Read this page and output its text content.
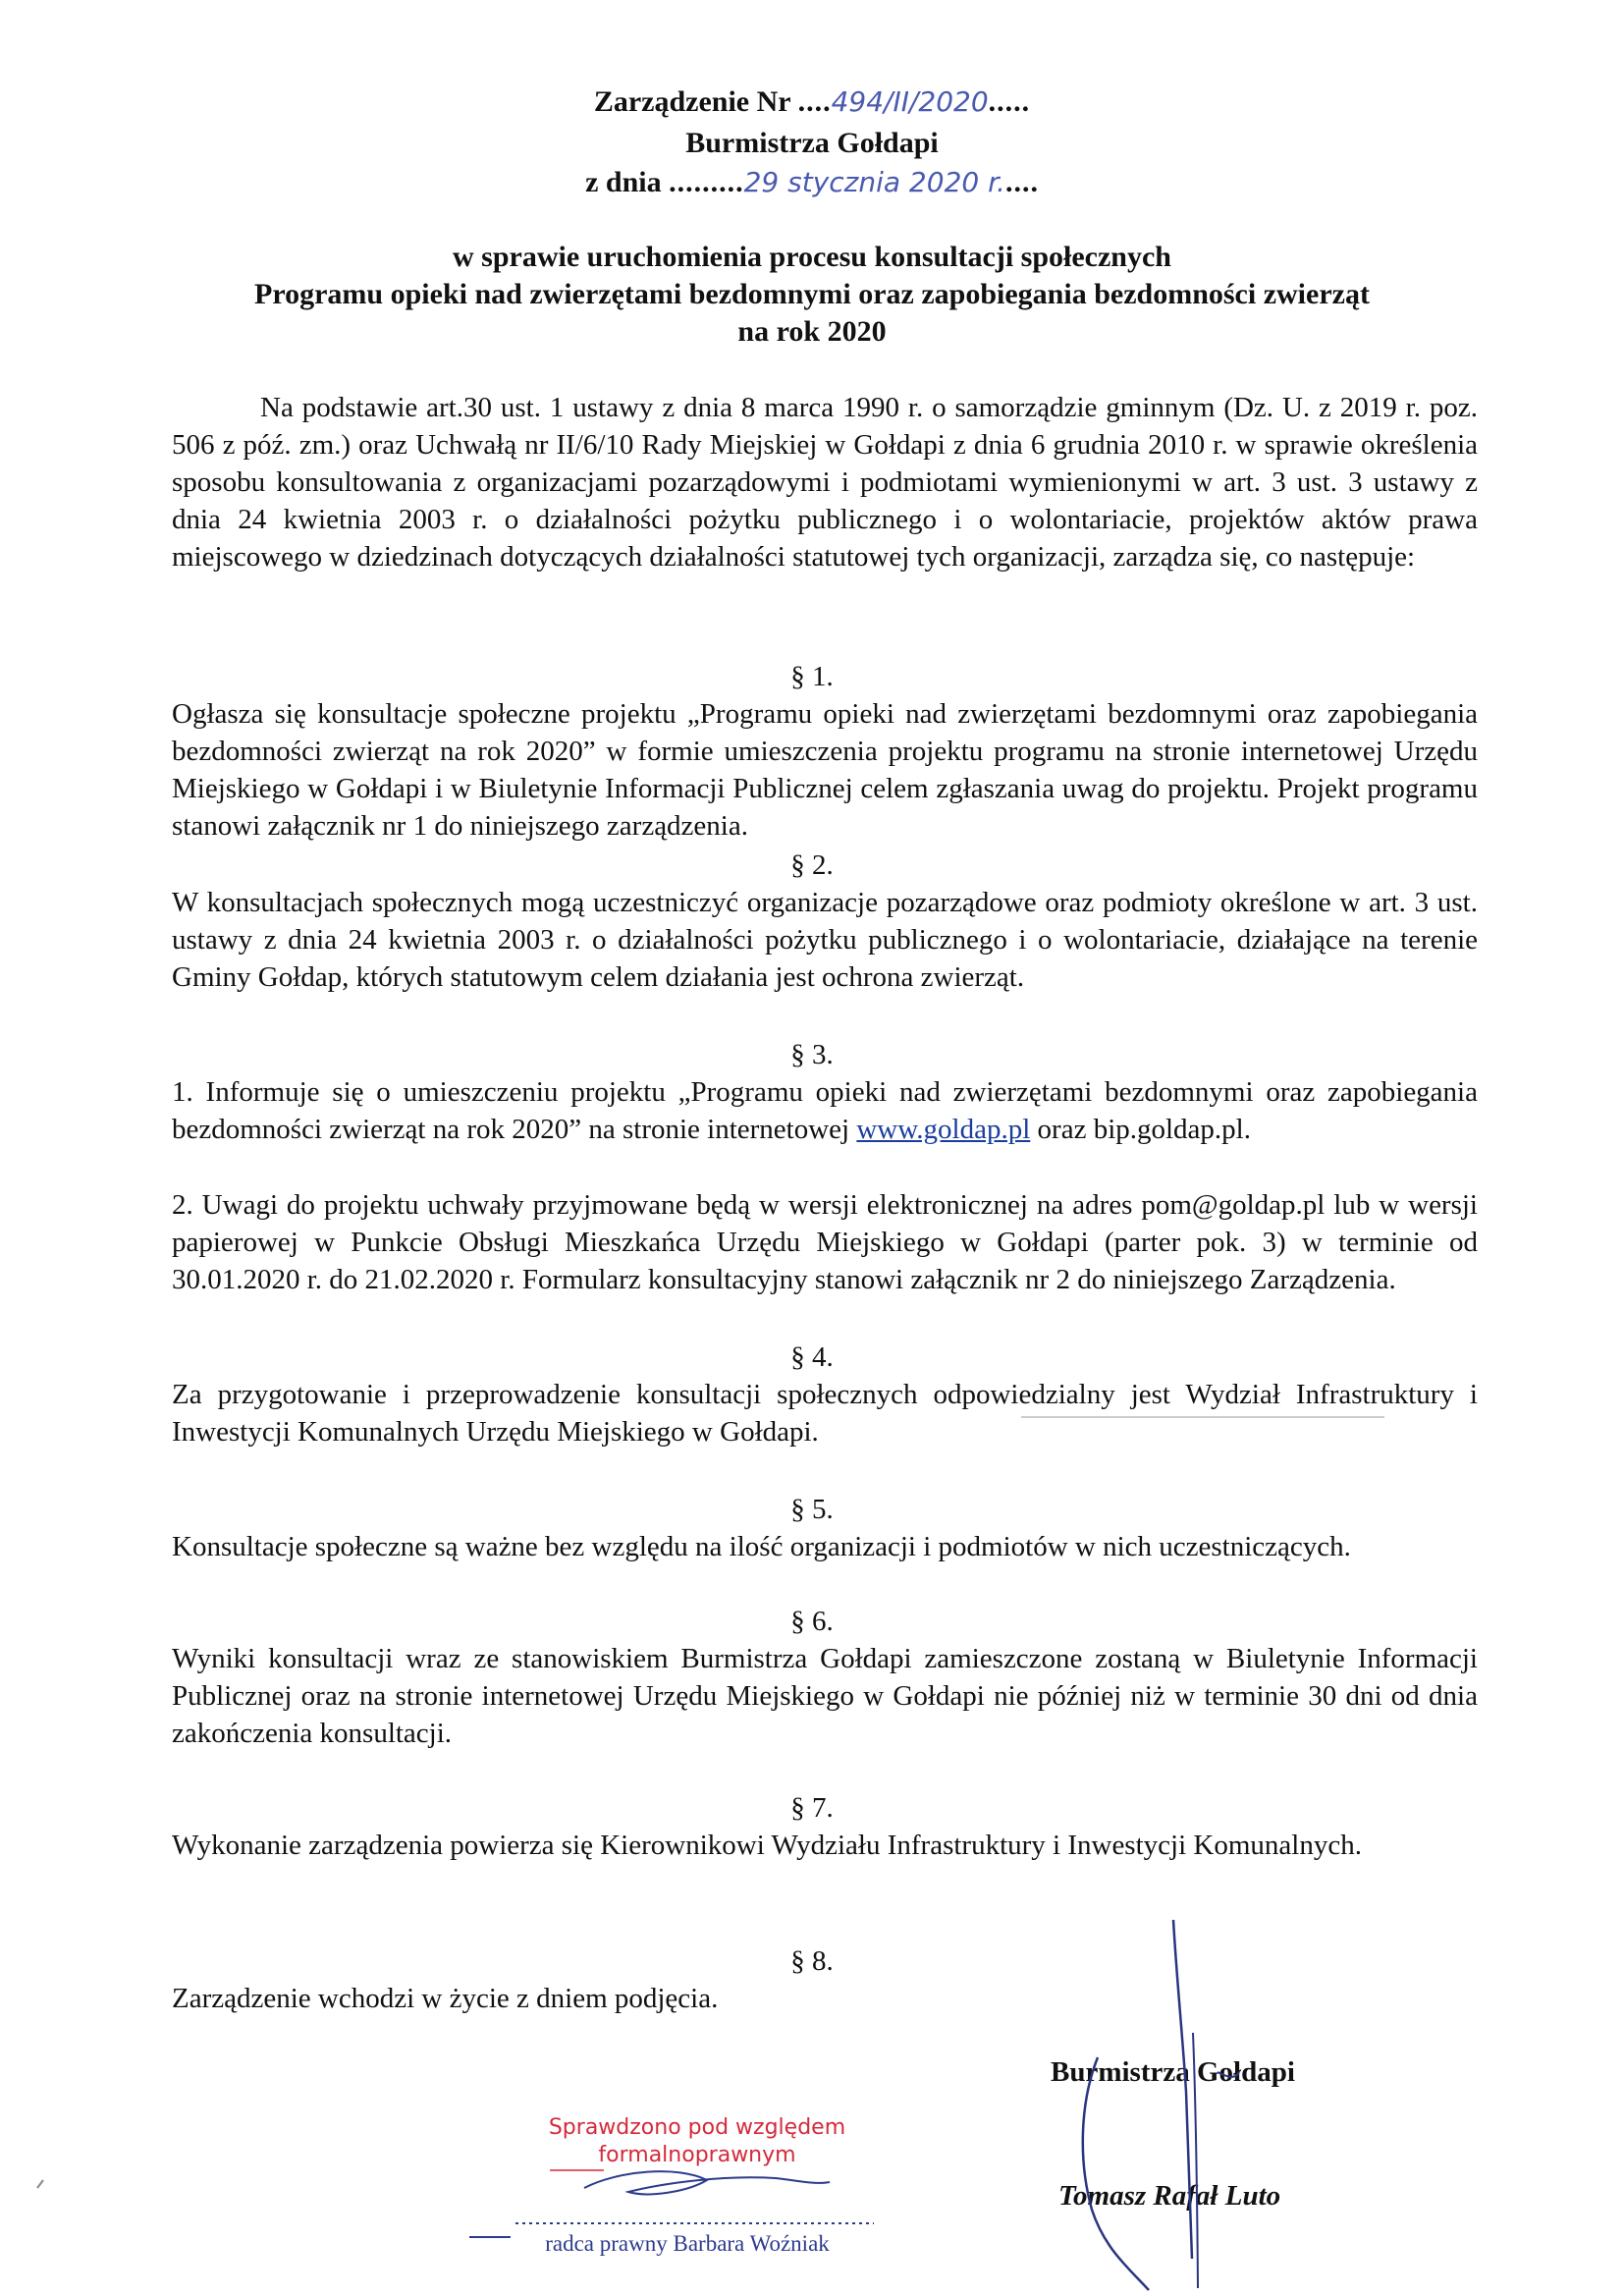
Zarządzenie Nr ....494/II/2020.....
Burmistrza Gołdapi
z dnia .........29 stycznia 2020 r.....
w sprawie uruchomienia procesu konsultacji społecznych
Programu opieki nad zwierzętami bezdomnymi oraz zapobiegania bezdomności zwierząt
na rok 2020
Na podstawie art.30 ust. 1 ustawy z dnia 8 marca 1990 r. o samorządzie gminnym (Dz. U. z 2019 r. poz. 506 z póź. zm.) oraz Uchwałą nr II/6/10 Rady Miejskiej w Gołdapi z dnia 6 grudnia 2010 r. w sprawie określenia sposobu konsultowania z organizacjami pozarządowymi i podmiotami wymienionymi w art. 3 ust. 3 ustawy z dnia 24 kwietnia 2003 r. o działalności pożytku publicznego i o wolontariacie, projektów aktów prawa miejscowego w dziedzinach dotyczących działalności statutowej tych organizacji, zarządza się, co następuje:
§ 1.
Ogłasza się konsultacje społeczne projektu „Programu opieki nad zwierzętami bezdomnymi oraz zapobiegania bezdomności zwierząt na rok 2020” w formie umieszczenia projektu programu na stronie internetowej Urzędu Miejskiego w Gołdapi i w Biuletynie Informacji Publicznej celem zgłaszania uwag do projektu. Projekt programu stanowi załącznik nr 1 do niniejszego zarządzenia.
§ 2.
W konsultacjach społecznych mogą uczestniczyć organizacje pozarządowe oraz podmioty określone w art. 3 ust. ustawy z dnia 24 kwietnia 2003 r. o działalności pożytku publicznego i o wolontariacie, działające na terenie Gminy Gołdap, których statutowym celem działania jest ochrona zwierząt.
§ 3.
1. Informuje się o umieszczeniu projektu „Programu opieki nad zwierzętami bezdomnymi oraz zapobiegania bezdomności zwierząt na rok 2020” na stronie internetowej www.goldap.pl oraz bip.goldap.pl.
2. Uwagi do projektu uchwały przyjmowane będą w wersji elektronicznej na adres pom@goldap.pl lub w wersji papierowej w Punkcie Obsługi Mieszkańca Urzędu Miejskiego w Gołdapi (parter pok. 3) w terminie od 30.01.2020 r. do 21.02.2020 r. Formularz konsultacyjny stanowi załącznik nr 2 do niniejszego Zarządzenia.
§ 4.
Za przygotowanie i przeprowadzenie konsultacji społecznych odpowiedzialny jest Wydział Infrastruktury i Inwestycji Komunalnych Urzędu Miejskiego w Gołdapi.
§ 5.
Konsultacje społeczne są ważne bez względu na ilość organizacji i podmiotów w nich uczestniczących.
§ 6.
Wyniki konsultacji wraz ze stanowiskiem Burmistrza Gołdapi zamieszczone zostaną w Biuletynie Informacji Publicznej oraz na stronie internetowej Urzędu Miejskiego w Gołdapi nie później niż w terminie 30 dni od dnia zakończenia konsultacji.
§ 7.
Wykonanie zarządzenia powierza się Kierownikowi Wydziału Infrastruktury i Inwestycji Komunalnych.
§ 8.
Zarządzenie wchodzi w życie z dniem podjęcia.
Burmistrza Gołdapi
Tomasz Rafał Luto
Sprawdzono pod względem
formalnoprawnym
radca prawny Barbara Woźniak
